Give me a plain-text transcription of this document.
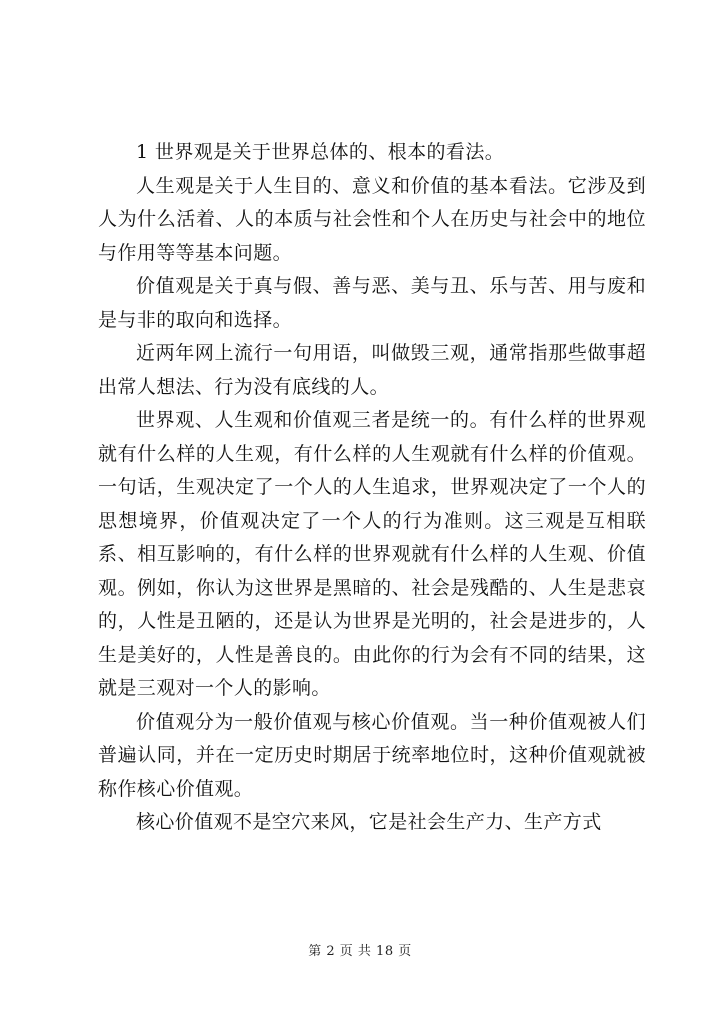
1 世界观是关于世界总体的、根本的看法。

人生观是关于人生目的、意义和价值的基本看法。它涉及到人为什么活着、人的本质与社会性和个人在历史与社会中的地位与作用等等基本问题。

价值观是关于真与假、善与恶、美与丑、乐与苦、用与废和是与非的取向和选择。

近两年网上流行一句用语，叫做毁三观，通常指那些做事超出常人想法、行为没有底线的人。

世界观、人生观和价值观三者是统一的。有什么样的世界观就有什么样的人生观，有什么样的人生观就有什么样的价值观。一句话，生观决定了一个人的人生追求，世界观决定了一个人的思想境界，价值观决定了一个人的行为准则。这三观是互相联系、相互影响的，有什么样的世界观就有什么样的人生观、价值观。例如，你认为这世界是黑暗的、社会是残酷的、人生是悲哀的，人性是丑陋的，还是认为世界是光明的，社会是进步的，人生是美好的，人性是善良的。由此你的行为会有不同的结果，这就是三观对一个人的影响。

价值观分为一般价值观与核心价值观。当一种价值观被人们普遍认同，并在一定历史时期居于统率地位时，这种价值观就被称作核心价值观。

核心价值观不是空穴来风，它是社会生产力、生产方式

第 2 页 共 18 页
